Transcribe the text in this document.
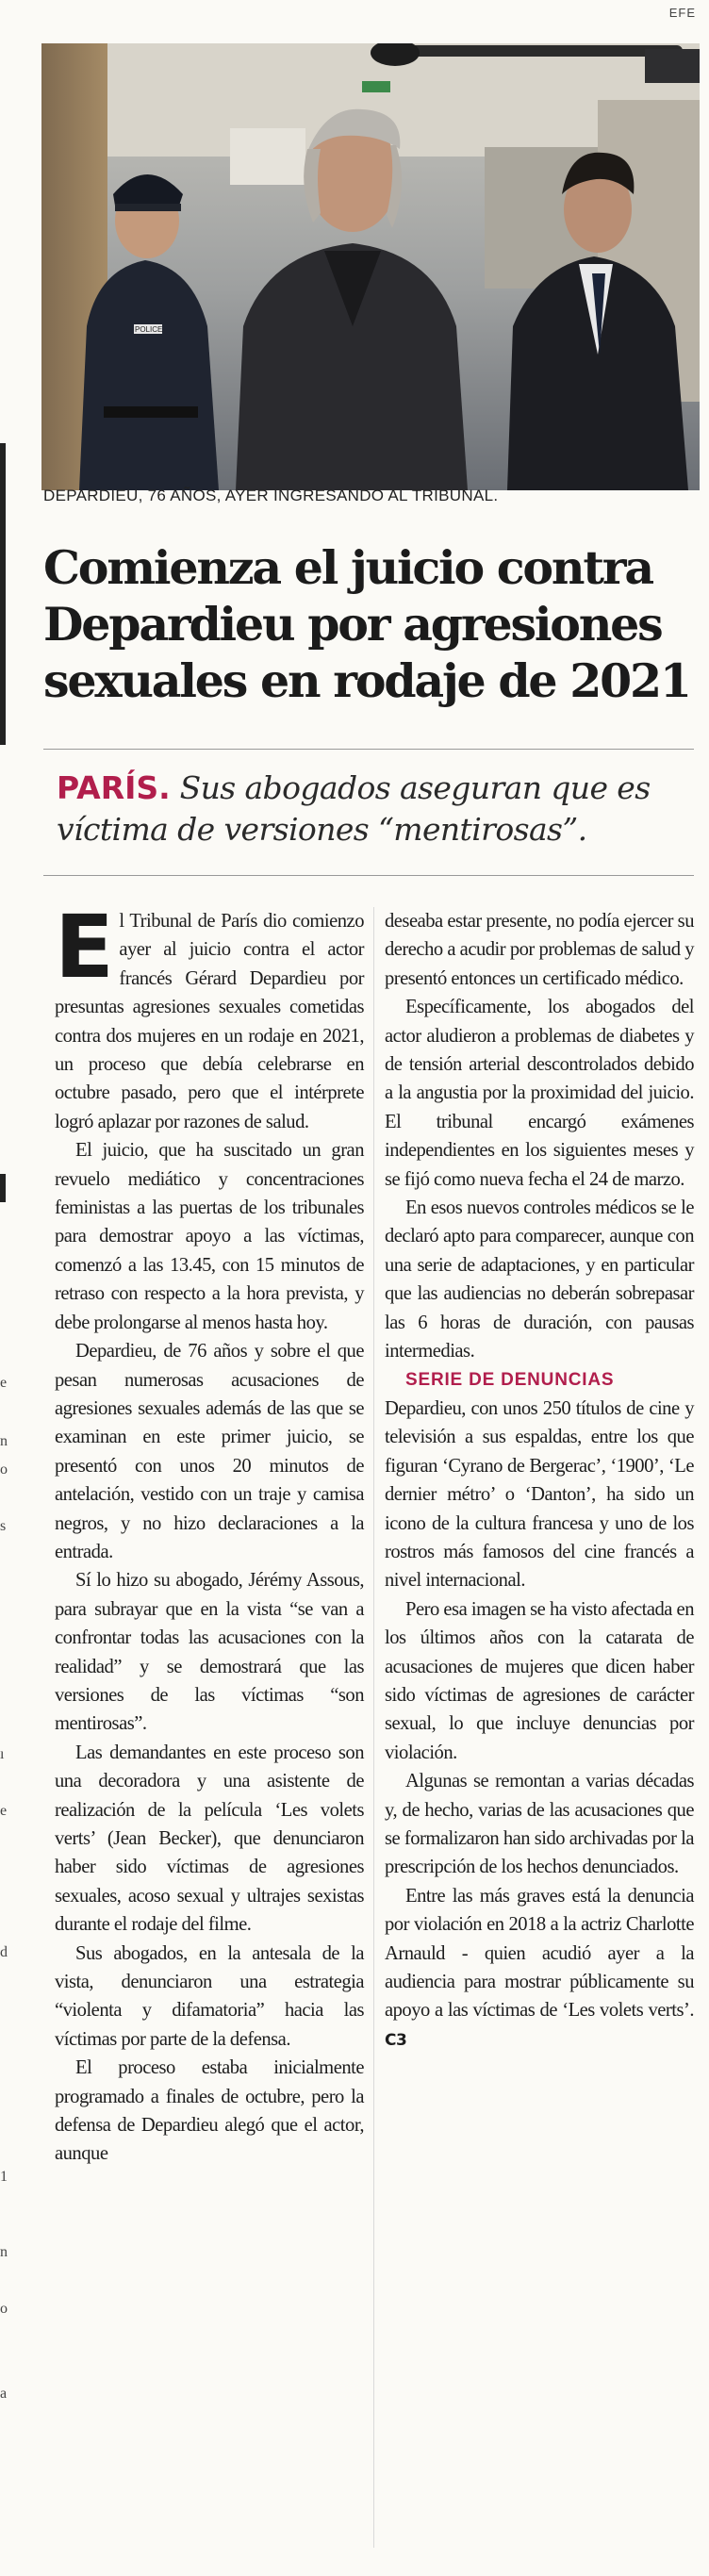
EFE
POLICE
DEPARDIEU, 76 AÑOS, AYER INGRESANDO AL TRIBUNAL.
e
n
o
s
ı
e
d
1
n
o
a
Comienza el juicio contra Depardieu por agresiones sexuales en rodaje de 2021
PARÍS. Sus abogados aseguran que es víctima de versiones “mentirosas”.

El Tribunal de París dio comienzo ayer al juicio contra el actor francés Gérard Depardieu por presuntas agresiones sexuales cometidas contra dos mujeres en un rodaje en 2021, un proceso que debía celebrarse en octubre pasado, pero que el intérprete logró aplazar por razones de salud.

El juicio, que ha suscitado un gran revuelo mediático y concentraciones feministas a las puertas de los tribunales para demostrar apoyo a las víctimas, comenzó a las 13.45, con 15 minutos de retraso con respecto a la hora prevista, y debe prolongarse al menos hasta hoy.

Depardieu, de 76 años y sobre el que pesan numerosas acusaciones de agresiones sexuales además de las que se examinan en este primer juicio, se presentó con unos 20 minutos de antelación, vestido con un traje y camisa negros, y no hizo declaraciones a la entrada.

Sí lo hizo su abogado, Jérémy Assous, para subrayar que en la vista “se van a confrontar todas las acusaciones con la realidad” y se demostrará que las versiones de las víctimas “son mentirosas”.

Las demandantes en este proceso son una decoradora y una asistente de realización de la película ‘Les volets verts’ (Jean Becker), que denunciaron haber sido víctimas de agresiones sexuales, acoso sexual y ultrajes sexistas durante el rodaje del filme.

Sus abogados, en la antesala de la vista, denunciaron una estrategia “violenta y difamatoria” hacia las víctimas por parte de la defensa.

El proceso estaba inicialmente programado a finales de octubre, pero la defensa de Depardieu alegó que el actor, aunque

deseaba estar presente, no podía ejercer su derecho a acudir por problemas de salud y presentó entonces un certificado médico.

Específicamente, los abogados del actor aludieron a problemas de diabetes y de tensión arterial descontrolados debido a la angustia por la proximidad del juicio. El tribunal encargó exámenes independientes en los siguientes meses y se fijó como nueva fecha el 24 de marzo.

En esos nuevos controles médicos se le declaró apto para comparecer, aunque con una serie de adaptaciones, y en particular que las audiencias no deberán sobrepasar las 6 horas de duración, con pausas intermedias.

SERIE DE DENUNCIAS

Depardieu, con unos 250 títulos de cine y televisión a sus espaldas, entre los que figuran ‘Cyrano de Bergerac’, ‘1900’, ‘Le dernier métro’ o ‘Danton’, ha sido un icono de la cultura francesa y uno de los rostros más famosos del cine francés a nivel internacional.

Pero esa imagen se ha visto afectada en los últimos años con la catarata de acusaciones de mujeres que dicen haber sido víctimas de agresiones de carácter sexual, lo que incluye denuncias por violación.

Algunas se remontan a varias décadas y, de hecho, varias de las acusaciones que se formalizaron han sido archivadas por la prescripción de los hechos denunciados.

Entre las más graves está la denuncia por violación en 2018 a la actriz Charlotte Arnauld - quien acudió ayer a la audiencia para mostrar públicamente su apoyo a las víctimas de ‘Les volets verts’. C3
